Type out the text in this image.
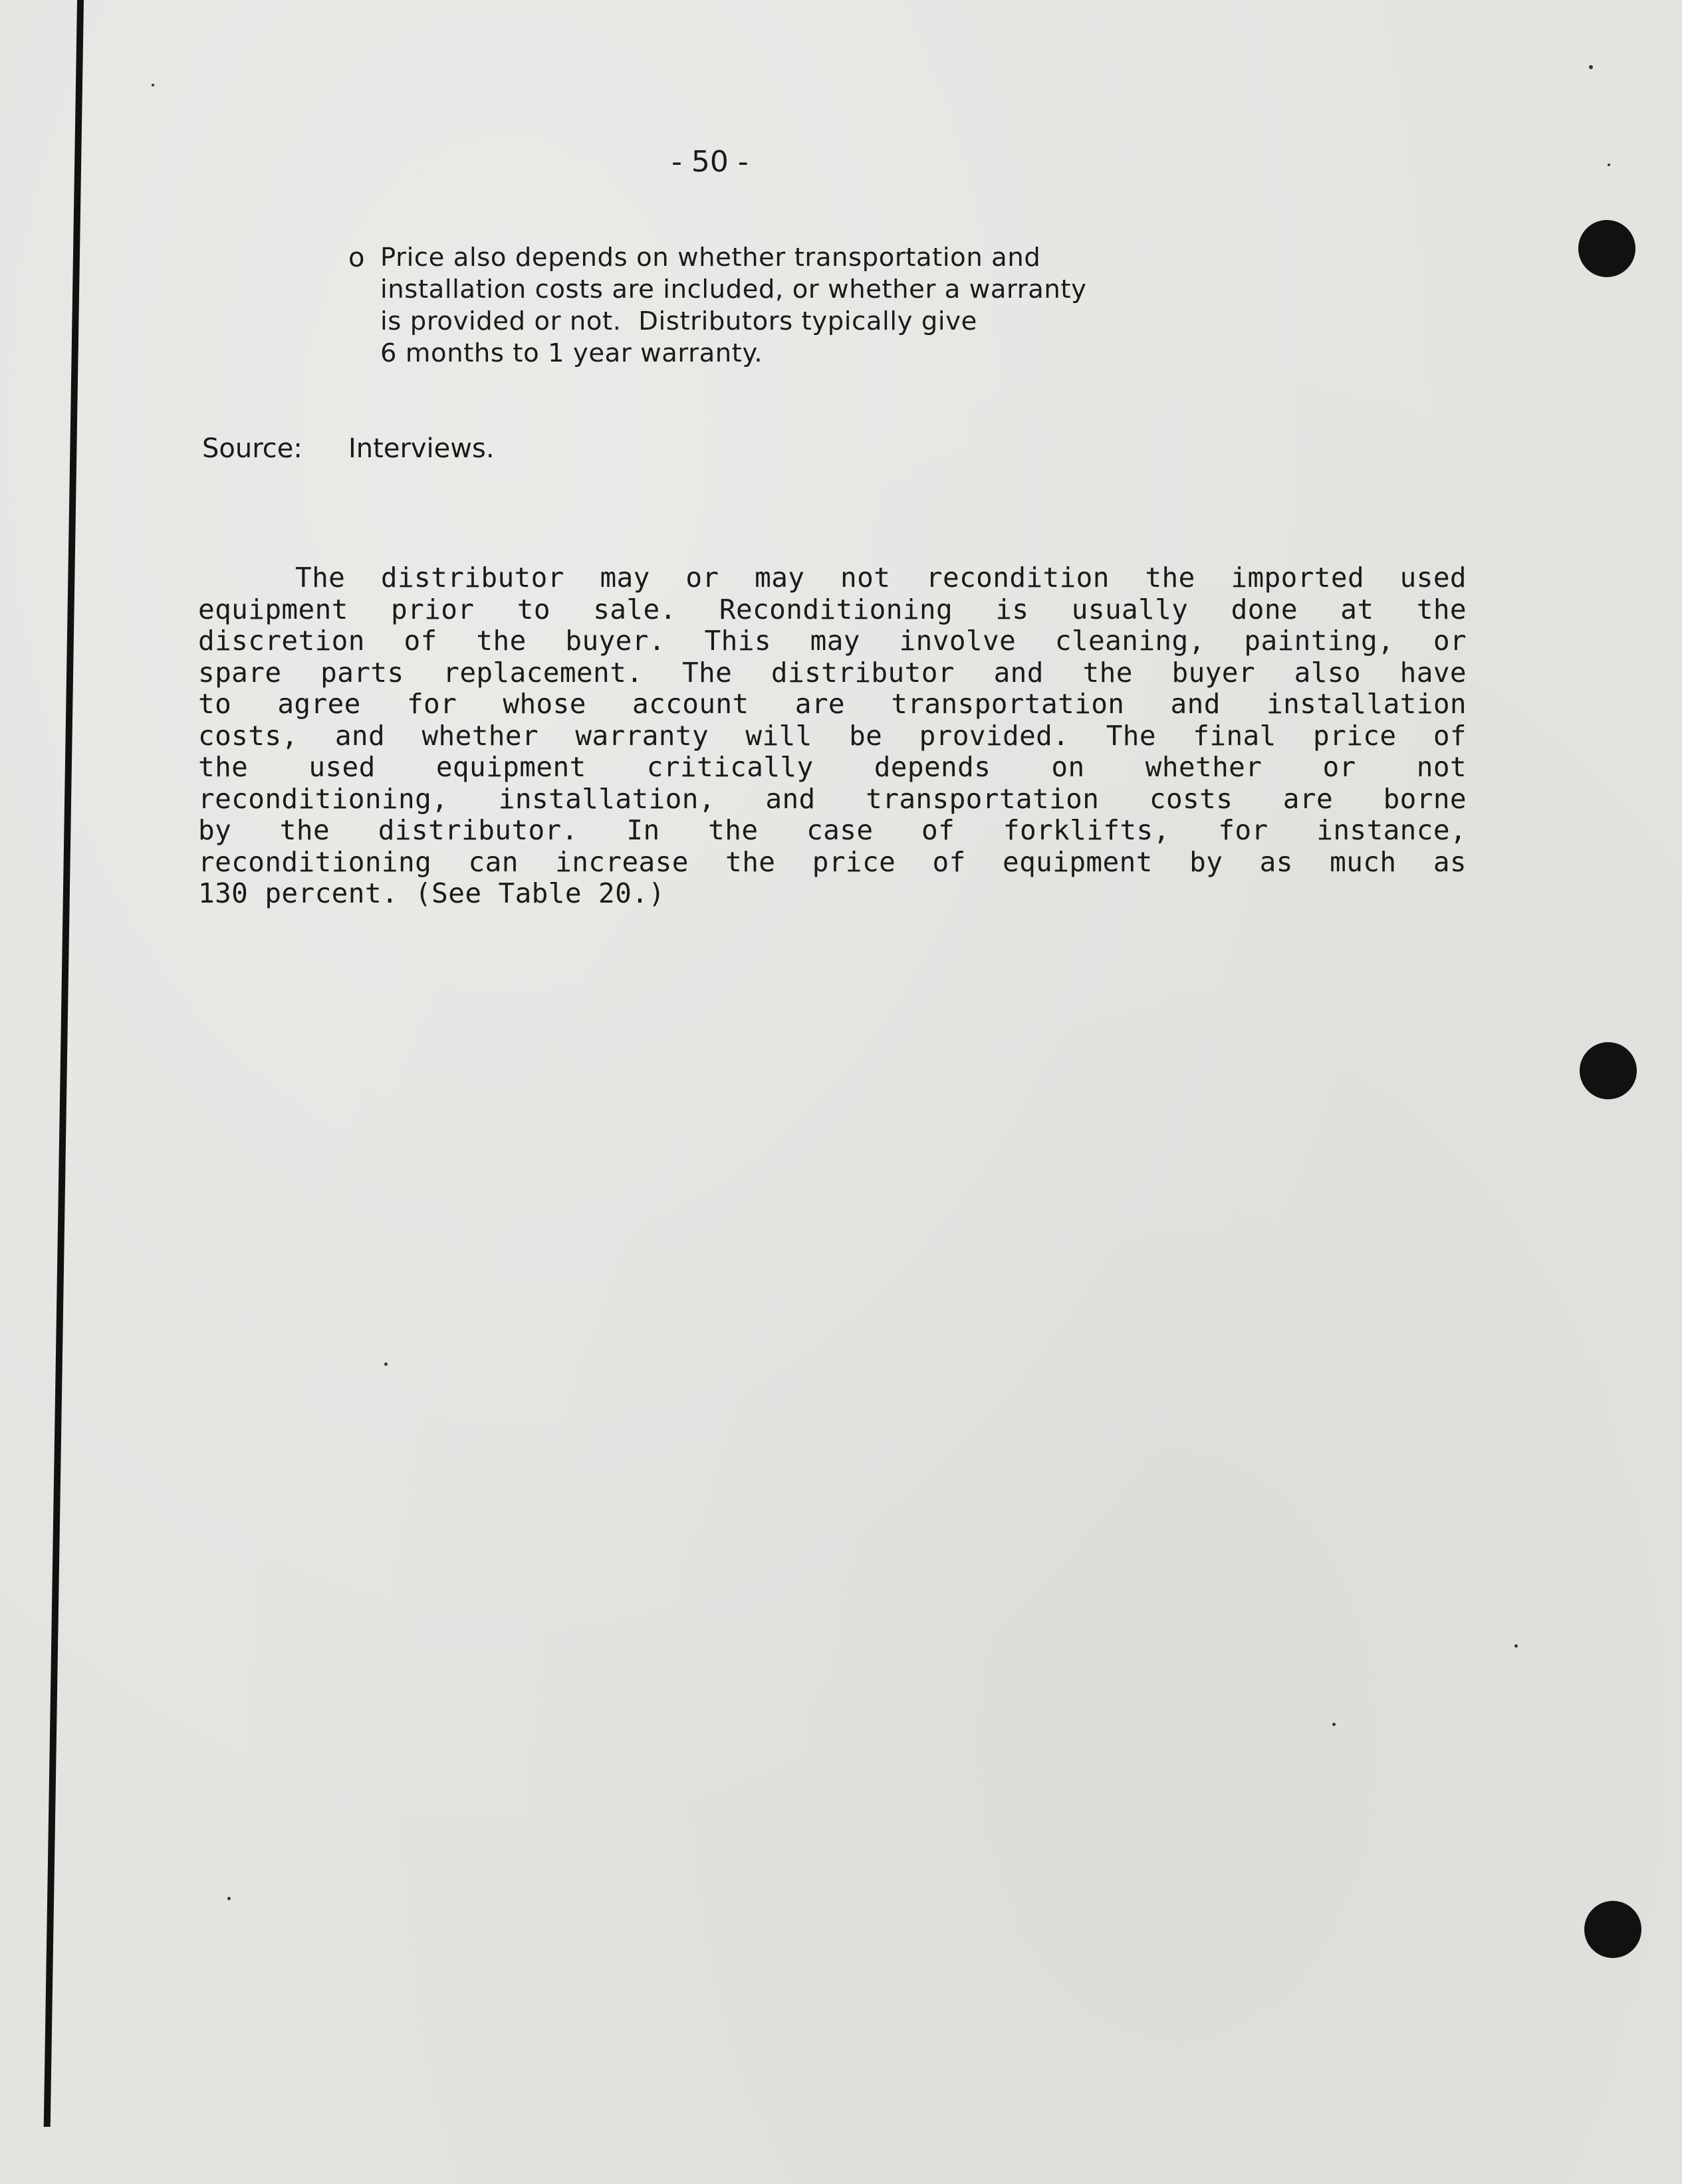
- 50 -
o Price also depends on whether transportation and
installation costs are included, or whether a warranty
is provided or not.  Distributors typically give
6 months to 1 year warranty.
Source: Interviews.
The distributor may or may not recondition the imported used
equipment prior to sale. Reconditioning is usually done at the
discretion of the buyer. This may involve cleaning, painting, or
spare parts replacement. The distributor and the buyer also have
to agree for whose account are transportation and installation
costs, and whether warranty will be provided. The final price of
the used equipment critically depends on whether or not
reconditioning, installation, and transportation costs are borne
by the distributor. In the case of forklifts, for instance,
reconditioning can increase the price of equipment by as much as
130 percent. (See Table 20.)
